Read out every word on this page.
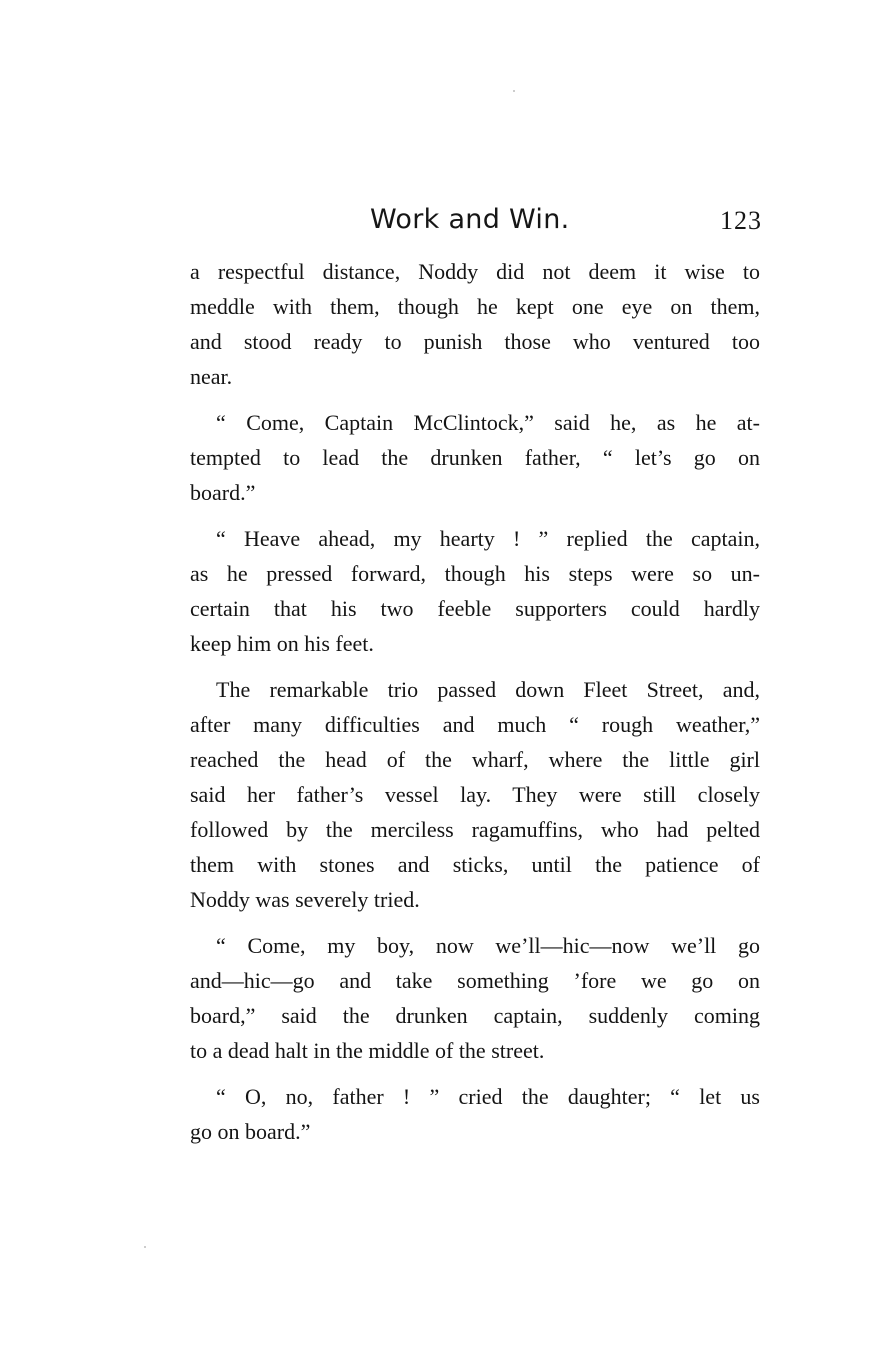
Work and Win.	123
a respectful distance, Noddy did not deem it wise to
meddle with them, though he kept one eye on them,
and stood ready to punish those who ventured too
near.
“ Come, Captain McClintock,” said he, as he at-
tempted to lead the drunken father, “ let’s go on
board.”
“ Heave ahead, my hearty ! ” replied the captain,
as he pressed forward, though his steps were so un-
certain that his two feeble supporters could hardly
keep him on his feet.
The remarkable trio passed down Fleet Street, and,
after many difficulties and much “ rough weather,”
reached the head of the wharf, where the little girl
said her father’s vessel lay. They were still closely
followed by the merciless ragamuffins, who had pelted
them with stones and sticks, until the patience of
Noddy was severely tried.
“ Come, my boy, now we’ll—hic—now we’ll go
and—hic—go and take something ’fore we go on
board,” said the drunken captain, suddenly coming
to a dead halt in the middle of the street.
“ O, no, father ! ” cried the daughter; “ let us
go on board.”
